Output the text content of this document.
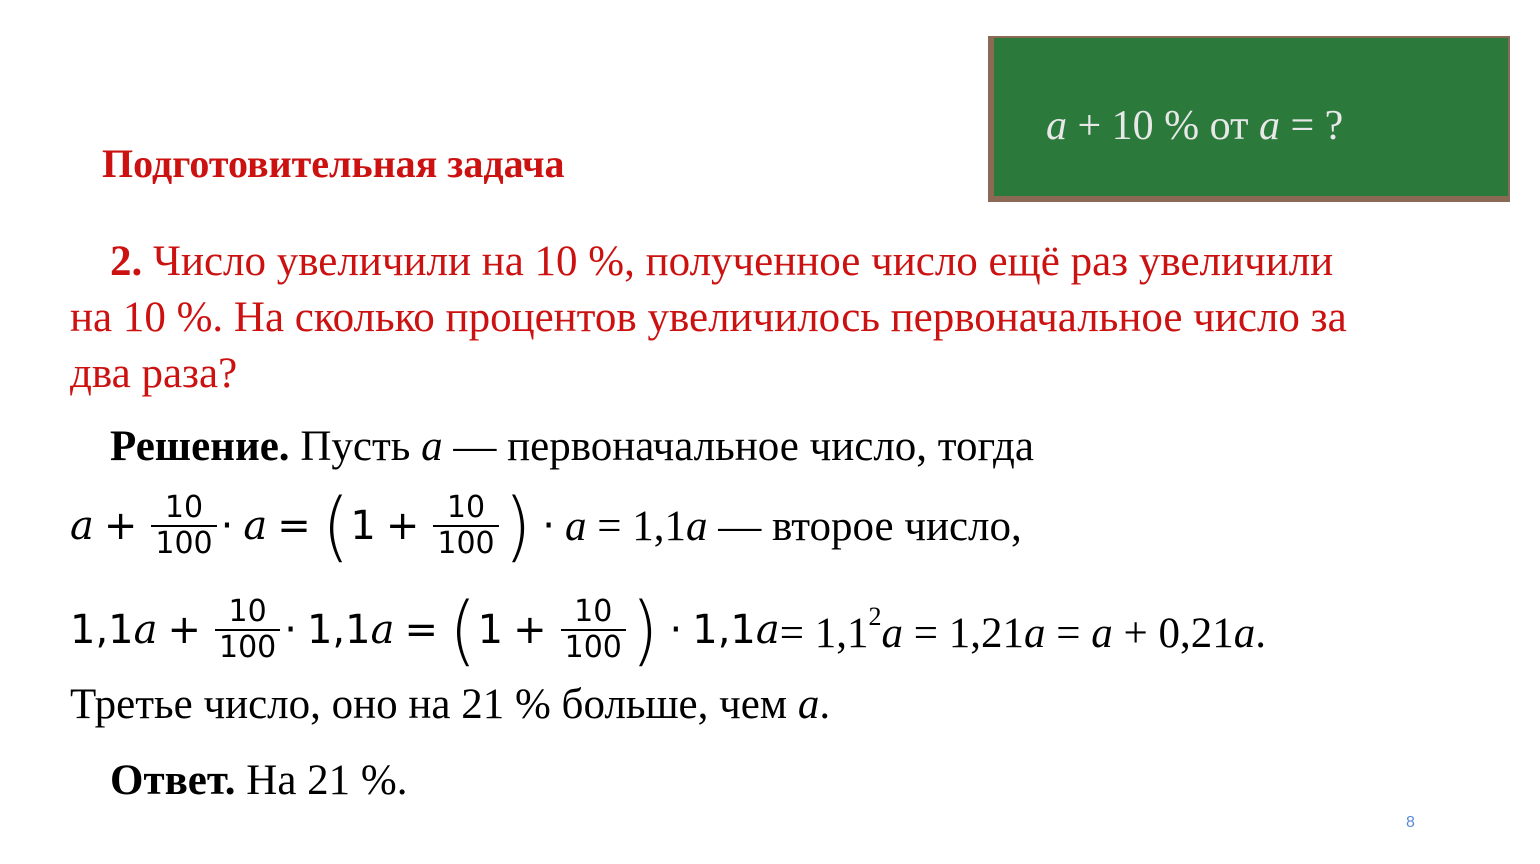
a + 10 % от a = ?
Подготовительная задача
2. Число увеличили на 10 %, полученное число ещё раз увеличили на 10 %. На сколько процентов увеличилось первоначальное число за два раза?
Решение. Пусть a — первоначальное число, тогда
$a + \frac{10}{100} \cdot a$ = ( $1 + \frac{10}{100}$ ) · a = 1,1a — второе число,
1,1 $a + \frac{10}{100} \cdot 1,1$ a = ( $1 + \frac{10}{100}$ ) · 1,1 $a = 1,1^2a = 1,21a = a + 0,21a$.
Третье число, оно на 21 % больше, чем a.
Ответ. На 21 %.
8
